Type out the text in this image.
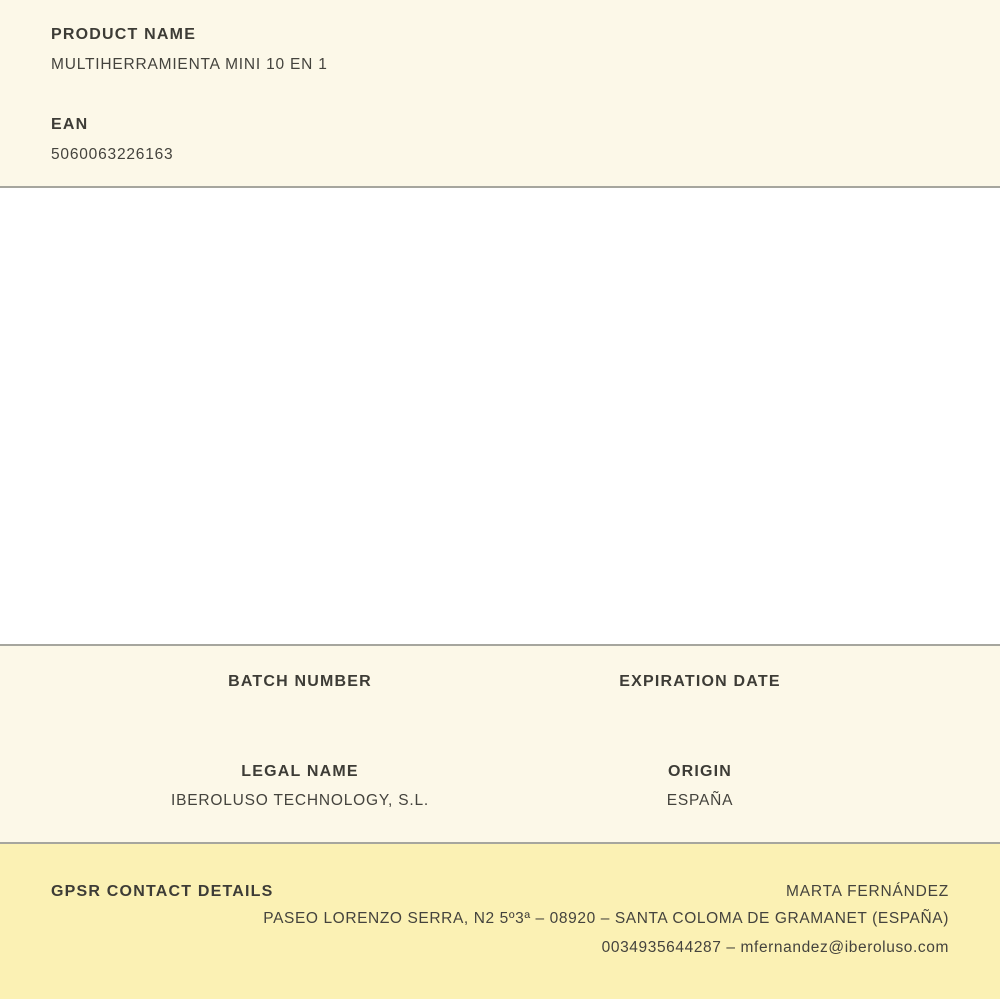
PRODUCT NAME
MULTIHERRAMIENTA MINI 10 EN 1
EAN
5060063226163
BATCH NUMBER	EXPIRATION DATE
LEGAL NAME
IBEROLUSO TECHNOLOGY, S.L.
ORIGIN
ESPAÑA
GPSR CONTACT DETAILS	MARTA FERNÁNDEZ
PASEO LORENZO SERRA, N2 5º3ª – 08920 – SANTA COLOMA DE GRAMANET (ESPAÑA)
0034935644287 – mfernandez@iberoluso.com
